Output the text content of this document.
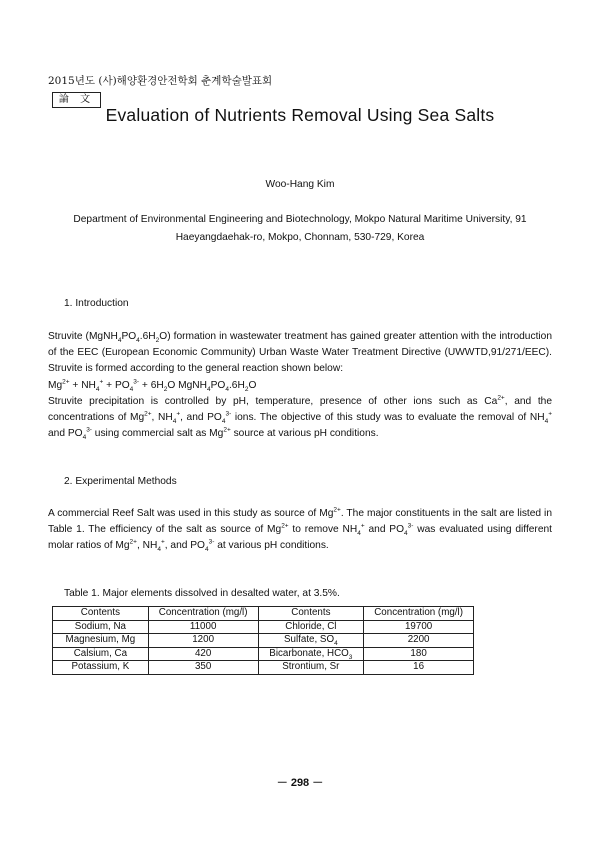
2015년도 (사)해양환경안전학회 춘계학술발표회
論 文
Evaluation of Nutrients Removal Using Sea Salts
Woo-Hang Kim
Department of Environmental Engineering and Biotechnology, Mokpo Natural Maritime University, 91
Haeyangdaehak-ro, Mokpo, Chonnam, 530-729, Korea
1. Introduction

Struvite $(MgNH_4PO_4.6H_2O)$ formation in wastewater treatment has gained greater attention with the introduction of the EEC (European Economic Community) Urban Waste Water Treatment Directive (UWWTD,91/271/EEC). Struvite is formed according to the general reaction shown below:

$Mg^{2+} + NH_4^+ + PO_4^{3-} + 6H_2O$ $MgNH_4PO_4.6H_2O$

Struvite precipitation is controlled by pH, temperature, presence of other ions such as $Ca^{2+}$, and the concentrations of $Mg^{2+}$, $NH_4^+$, and $PO_4^{3-}$ ions. The objective of this study was to evaluate the removal of $NH_4^+$ and $PO_4^{3-}$ using commercial salt as $Mg^{2+}$ source at various pH conditions.

2. Experimental Methods

A commercial Reef Salt was used in this study as source of $Mg^{2+}$. The major constituents in the salt are listed in Table 1. The efficiency of the salt as source of $Mg^{2+}$ to remove $NH_4^+$ and $PO_4^{3-}$ was evaluated using different molar ratios of $Mg^{2+}$, $NH_4^+$, and $PO_4^{3-}$ at various pH conditions.

Table 1. Major elements dissolved in desalted water, at 3.5%.
Contents	Concentration (mg/l)	Contents	Concentration (mg/l)
Sodium, Na	11000	Chloride, Cl	19700
Magnesium, Mg	1200	Sulfate, $SO_4$	2200
Calsium, Ca	420	Bicarbonate, $HCO_3$	180
Potassium, K	350	Strontium, Sr	16
－ 298 －
